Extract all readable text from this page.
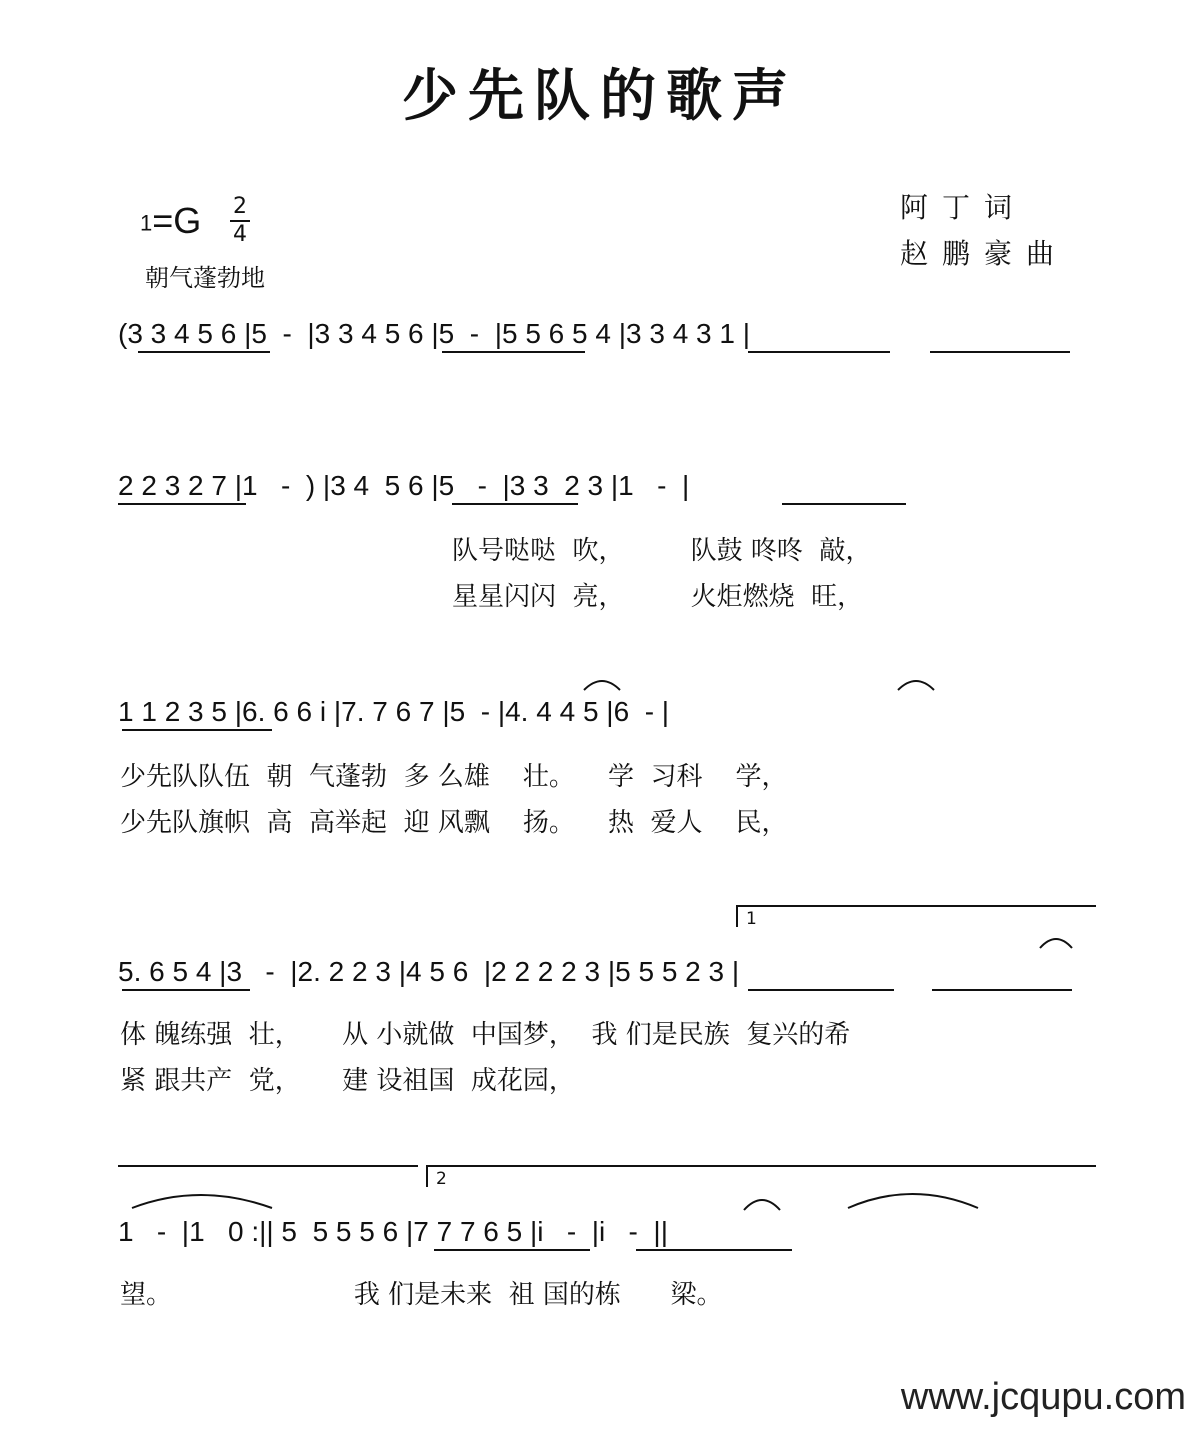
少先队的歌声
1=G 2
4
朝气蓬勃地
阿丁词
赵鹏豪曲
(3 3 4 5 6 |5  -  |3 3 4 5 6 |5  -  |5 5 6 5 4 |3 3 4 3 1 |
2 2 3 2 7 |1   -  ) |3 4  5 6 |5   -  |3 3  2 3 |1   -  |
队号哒哒  吹，        队鼓 咚咚  敲，
星星闪闪  亮，        火炬燃烧  旺，
1 1 2 3 5 |6. 6 6 i |7. 7 6 7 |5  - |4. 4 4 5 |6  - |
少先队队伍  朝  气蓬勃  多 么雄    壮。    学  习科    学，
少先队旗帜  高  高举起  迎 风飘    扬。    热  爱人    民，
1
5. 6 5 4 |3   -  |2. 2 2 3 |4 5 6  |2 2 2 2 3 |5 5 5 2 3 |
体 魄练强  壮，     从 小就做  中国梦，  我 们是民族  复兴的希
紧 跟共产  党，     建 设祖国  成花园，
2
1   -  |1   0 :|| 5  5 5 5 6 |7 7 7 6 5 |i   -  |i   -  ||
望。                      我 们是未来  祖 国的栋      梁。
www.jcqupu.com
